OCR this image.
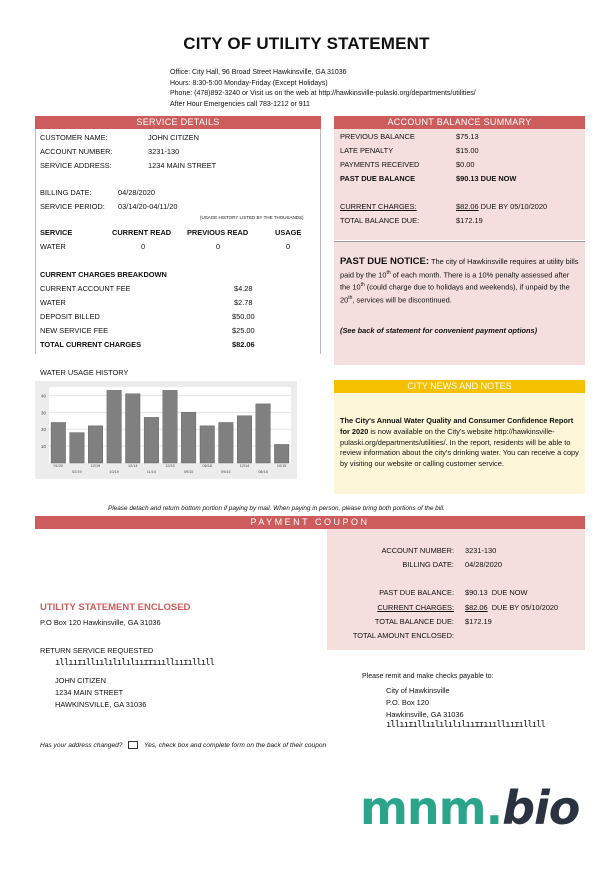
CITY OF UTILITY STATEMENT
Office: City Hall, 96 Broad Street Hawkinsville, GA 31036
Hours: 8:30-5:00 Monday-Friday (Except Holidays)
Phone: (478)892-3240 or Visit us on the web at http://hawkinsville-pulaski.org/departments/utilities/
After Hour Emergencies call 783-1212 or 911
SERVICE DETAILS
CUSTOMER NAME:	JOHN CITIZEN
ACCOUNT NUMBER:	3231-130
SERVICE ADDRESS:	1234 MAIN STREET
BILLING DATE:	04/28/2020
SERVICE PERIOD: 03/14/20-04/11/20
(USAGE HISTORY LISTED BY THE THOUSANDS)
SERVICE	CURRENT READ PREVIOUS READ	USAGE
WATER	0	0	0
CURRENT CHARGES BREAKDOWN
CURRENT ACCOUNT FEE	$4.28
WATER	$2.78
DEPOSIT BILLED	$50.00
NEW SERVICE FEE	$25.00
TOTAL CURRENT CHARGES	$82.06
WATER USAGE HISTORY
40
30
20
10
01/20
02/19
12/19
10/19
12/14
11/14
12/15
09/15
06/18
09/15
12/14
08/15
10/19
ACCOUNT BALANCE SUMMARY
PREVIOUS BALANCE	$75.13
LATE PENALTY	$15.00
PAYMENTS RECEIVED	$0.00
PAST DUE BALANCE	$90.13 DUE NOW
CURRENT CHARGES:	$82.06 DUE BY 05/10/2020
TOTAL BALANCE DUE:	$172.19
PAST DUE NOTICE: The city of Hawkinsville requires at utility bills paid by the 10th of each month. There is a 10% penalty assessed after the 10th (could charge due to holidays and weekends), if unpaid by the 20th, services will be discontinued.
(See back of statement for convenient payment options)
CITY NEWS AND NOTES
The City's Annual Water Quality and Consumer Confidence Report for 2020 is now available on the City's website http://hawkinsville-pulaski.org/departments/utilities/. In the report, residents will be able to review information about the city's drinking water. You can receive a copy by visiting our website or calling customer service.
Please detach and return bottom portion if paying by mail. When paying in person, please bring both portions of the bill.
PAYMENT COUPON
ACCOUNT NUMBER: 3231-130
BILLING DATE: 04/28/2020
PAST DUE BALANCE: $90.13 DUE NOW
CURRENT CHARGES: $82.06 DUE BY 05/10/2020
TOTAL BALANCE DUE: $172.19
TOTAL AMOUNT ENCLOSED:
UTILITY STATEMENT ENCLOSED
P.O Box 120 Hawkinsville, GA 31036
RETURN SERVICE REQUESTED
ıllııɪıllıılılılılııɪɪıııllııɪıllıll
JOHN CITIZEN
1234 MAIN STREET
HAWKINSVILLE, GA 31036
Please remit and make checks payable to:
City of Hawkinsville
P.O. Box 120
Hawkinsville, GA 31036
ıllııɪıllıılılılılııɪɪıııllııɪıllıll
Has your address changed?	Yes, check box and complete form on the back of their coupon
mnm.bio
